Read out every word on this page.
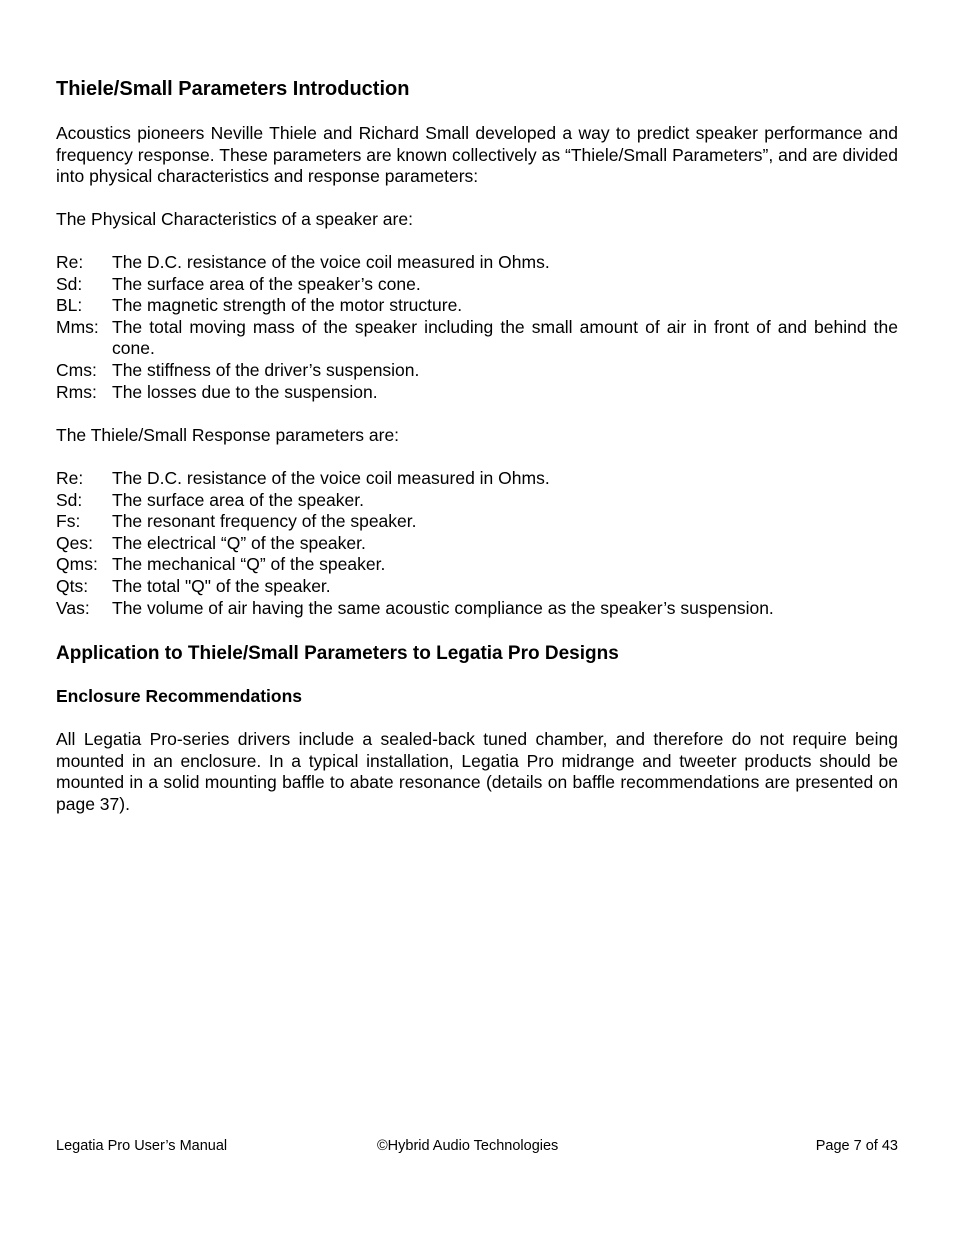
Thiele/Small Parameters Introduction

Acoustics pioneers Neville Thiele and Richard Small developed a way to predict speaker performance and frequency response. These parameters are known collectively as “Thiele/Small Parameters”, and are divided into physical characteristics and response parameters:

The Physical Characteristics of a speaker are:

Re:	The D.C. resistance of the voice coil measured in Ohms.
Sd:	The surface area of the speaker’s cone.
BL:	The magnetic strength of the motor structure.
Mms: The total moving mass of the speaker including the small amount of air in front of and behind the cone.
Cms: The stiffness of the driver’s suspension.
Rms: The losses due to the suspension.

The Thiele/Small Response parameters are:

Re:	The D.C. resistance of the voice coil measured in Ohms.
Sd:	The surface area of the speaker.
Fs:	The resonant frequency of the speaker.
Qes:	The electrical “Q” of the speaker.
Qms: The mechanical “Q” of the speaker.
Qts:	The total "Q" of the speaker.
Vas:	The volume of air having the same acoustic compliance as the speaker’s suspension.
Application to Thiele/Small Parameters to Legatia Pro Designs
Enclosure Recommendations

All Legatia Pro-series drivers include a sealed-back tuned chamber, and therefore do not require being mounted in an enclosure. In a typical installation, Legatia Pro midrange and tweeter products should be mounted in a solid mounting baffle to abate resonance (details on baffle recommendations are presented on page 37).

Legatia Pro User’s Manual	©Hybrid Audio Technologies	Page 7 of 43
